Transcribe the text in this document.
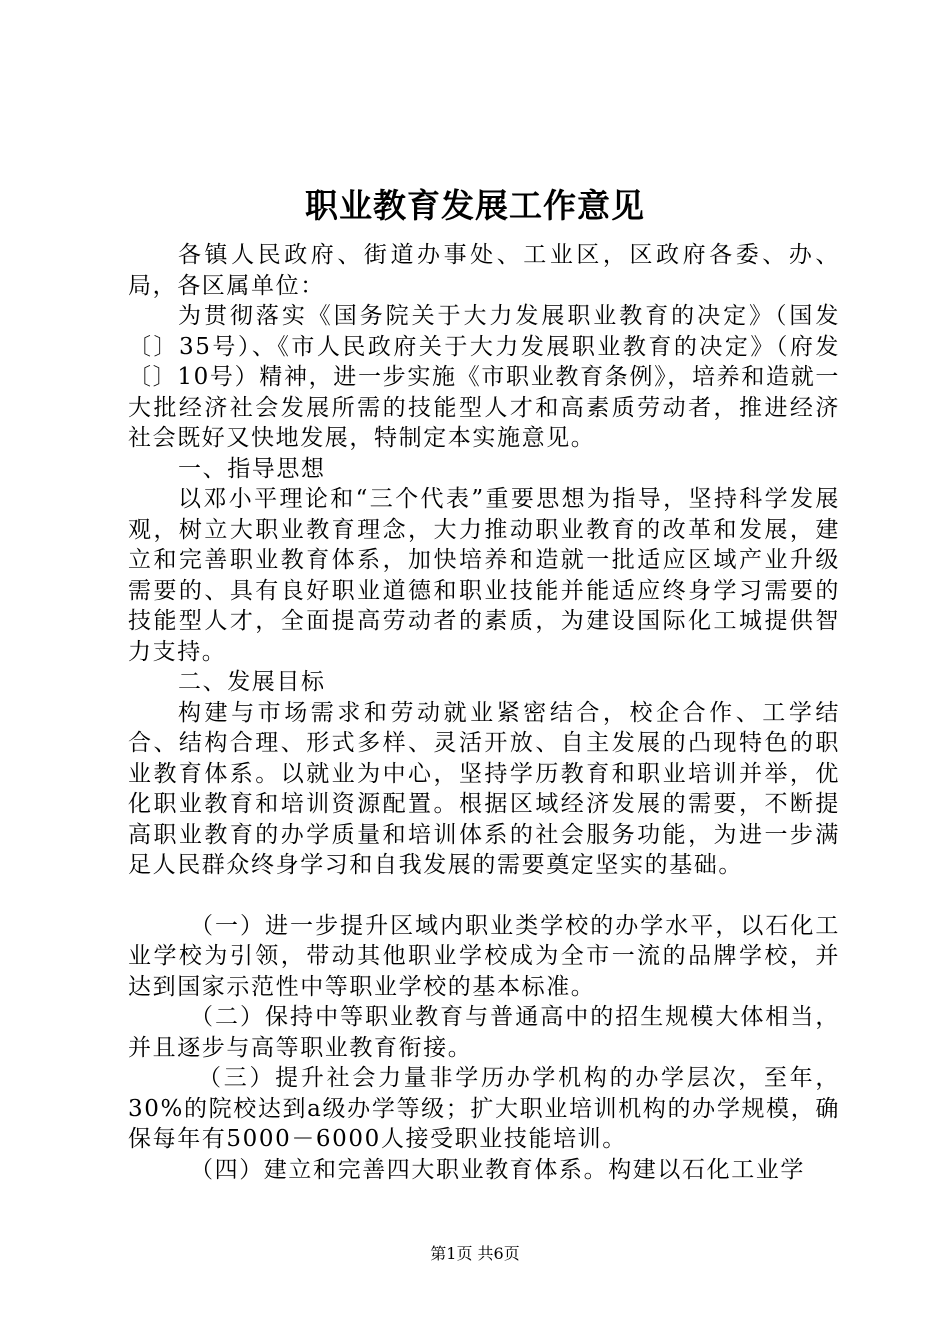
职业教育发展工作意见

各镇人民政府、街道办事处、工业区，区政府各委、办、局，各区属单位：

为贯彻落实《国务院关于大力发展职业教育的决定》（国发〔〕35号）、《市人民政府关于大力发展职业教育的决定》（府发〔〕10号）精神，进一步实施《市职业教育条例》，培养和造就一大批经济社会发展所需的技能型人才和高素质劳动者，推进经济社会既好又快地发展，特制定本实施意见。

一、指导思想

以邓小平理论和“三个代表”重要思想为指导，坚持科学发展观，树立大职业教育理念，大力推动职业教育的改革和发展，建立和完善职业教育体系，加快培养和造就一批适应区域产业升级需要的、具有良好职业道德和职业技能并能适应终身学习需要的技能型人才，全面提高劳动者的素质，为建设国际化工城提供智力支持。

二、发展目标

构建与市场需求和劳动就业紧密结合，校企合作、工学结合、结构合理、形式多样、灵活开放、自主发展的凸现特色的职业教育体系。以就业为中心，坚持学历教育和职业培训并举，优化职业教育和培训资源配置。根据区域经济发展的需要，不断提高职业教育的办学质量和培训体系的社会服务功能，为进一步满足人民群众终身学习和自我发展的需要奠定坚实的基础。

（一）进一步提升区域内职业类学校的办学水平，以石化工业学校为引领，带动其他职业学校成为全市一流的品牌学校，并达到国家示范性中等职业学校的基本标准。

（二）保持中等职业教育与普通高中的招生规模大体相当，并且逐步与高等职业教育衔接。

（三）提升社会力量非学历办学机构的办学层次，至年，30%的院校达到a级办学等级；扩大职业培训机构的办学规模，确保每年有5000－6000人接受职业技能培训。

（四）建立和完善四大职业教育体系。构建以石化工业学

第1页 共6页
